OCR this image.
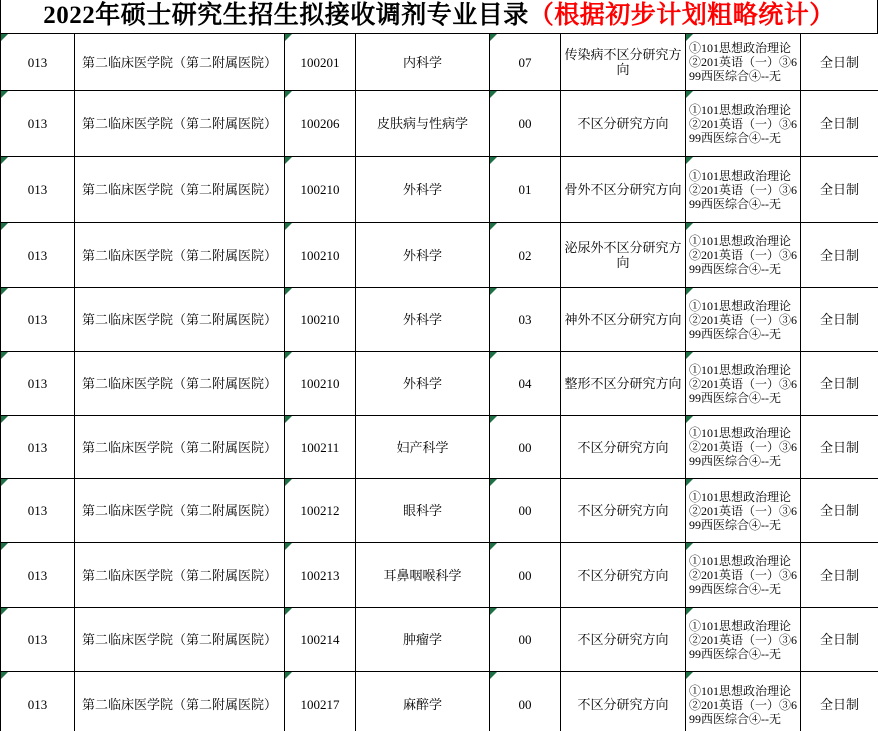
2022年硕士研究生招生拟接收调剂专业目录（根据初步计划粗略统计）
013	第二临床医学院（第二附属医院）	100201	内科学	07	传染病不区分研究方向	①101思想政治理论②201英语（一）③699西医综合④--无	全日制

013	第二临床医学院（第二附属医院）	100206	皮肤病与性病学	00	不区分研究方向	①101思想政治理论②201英语（一）③699西医综合④--无	全日制

013	第二临床医学院（第二附属医院）	100210	外科学	01	骨外不区分研究方向	①101思想政治理论②201英语（一）③699西医综合④--无	全日制

013	第二临床医学院（第二附属医院）	100210	外科学	02	泌尿外不区分研究方向	①101思想政治理论②201英语（一）③699西医综合④--无	全日制

013	第二临床医学院（第二附属医院）	100210	外科学	03	神外不区分研究方向	①101思想政治理论②201英语（一）③699西医综合④--无	全日制

013	第二临床医学院（第二附属医院）	100210	外科学	04	整形不区分研究方向	①101思想政治理论②201英语（一）③699西医综合④--无	全日制

013	第二临床医学院（第二附属医院）	100211	妇产科学	00	不区分研究方向	①101思想政治理论②201英语（一）③699西医综合④--无	全日制

013	第二临床医学院（第二附属医院）	100212	眼科学	00	不区分研究方向	①101思想政治理论②201英语（一）③699西医综合④--无	全日制

013	第二临床医学院（第二附属医院）	100213	耳鼻咽喉科学	00	不区分研究方向	①101思想政治理论②201英语（一）③699西医综合④--无	全日制

013	第二临床医学院（第二附属医院）	100214	肿瘤学	00	不区分研究方向	①101思想政治理论②201英语（一）③699西医综合④--无	全日制

013	第二临床医学院（第二附属医院）	100217	麻醉学	00	不区分研究方向	①101思想政治理论②201英语（一）③699西医综合④--无	全日制
